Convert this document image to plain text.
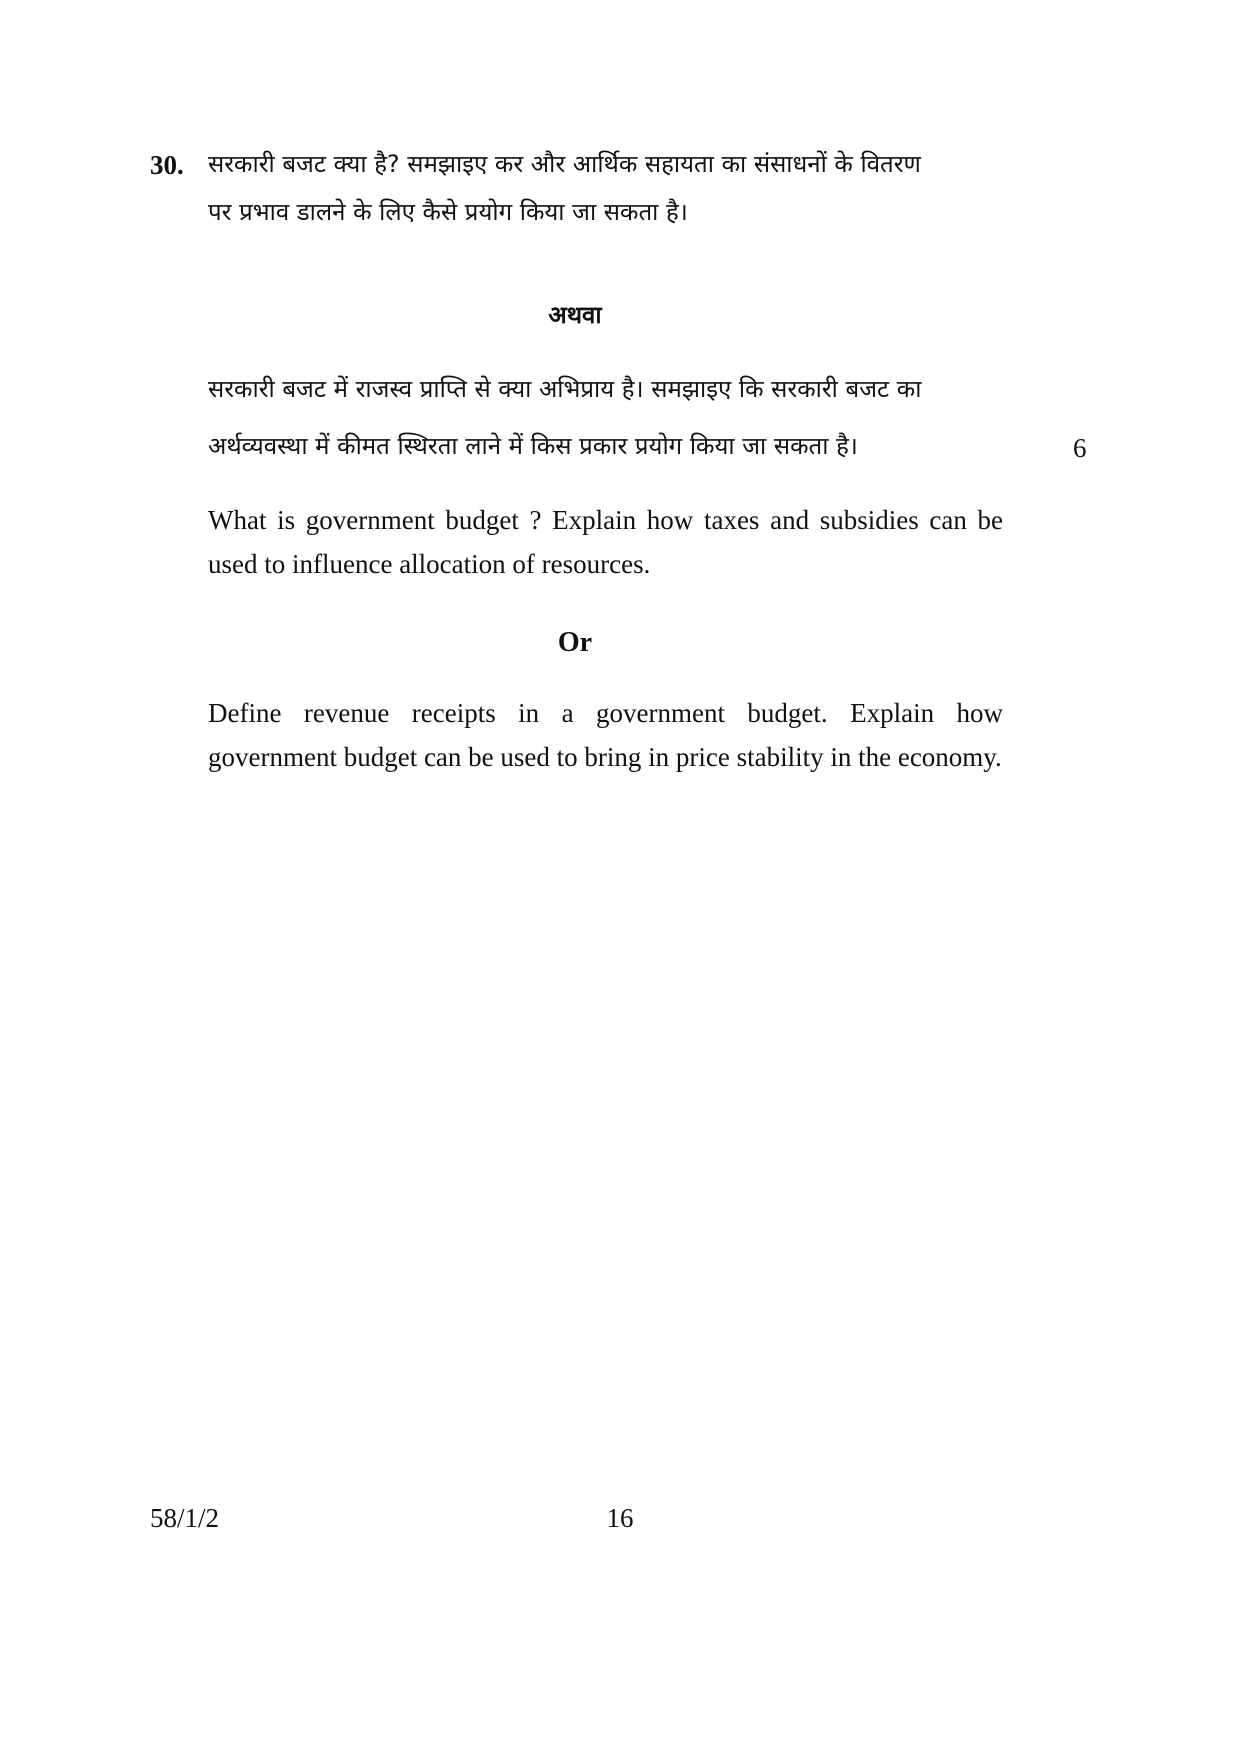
30. सरकारी बजट क्या है? समझाइए कर और आर्थिक सहायता का संसाधनों के वितरण
पर प्रभाव डालने के लिए कैसे प्रयोग किया जा सकता है।
अथवा
सरकारी बजट में राजस्व प्राप्ति से क्या अभिप्राय है। समझाइए कि सरकारी बजट का
अर्थव्यवस्था में कीमत स्थिरता लाने में किस प्रकार प्रयोग किया जा सकता है।	6
What is government budget ? Explain how taxes and subsidies can be used to influence allocation of resources.
Or
Define revenue receipts in a government budget. Explain how government budget can be used to bring in price stability in the economy.
58/1/2	16
